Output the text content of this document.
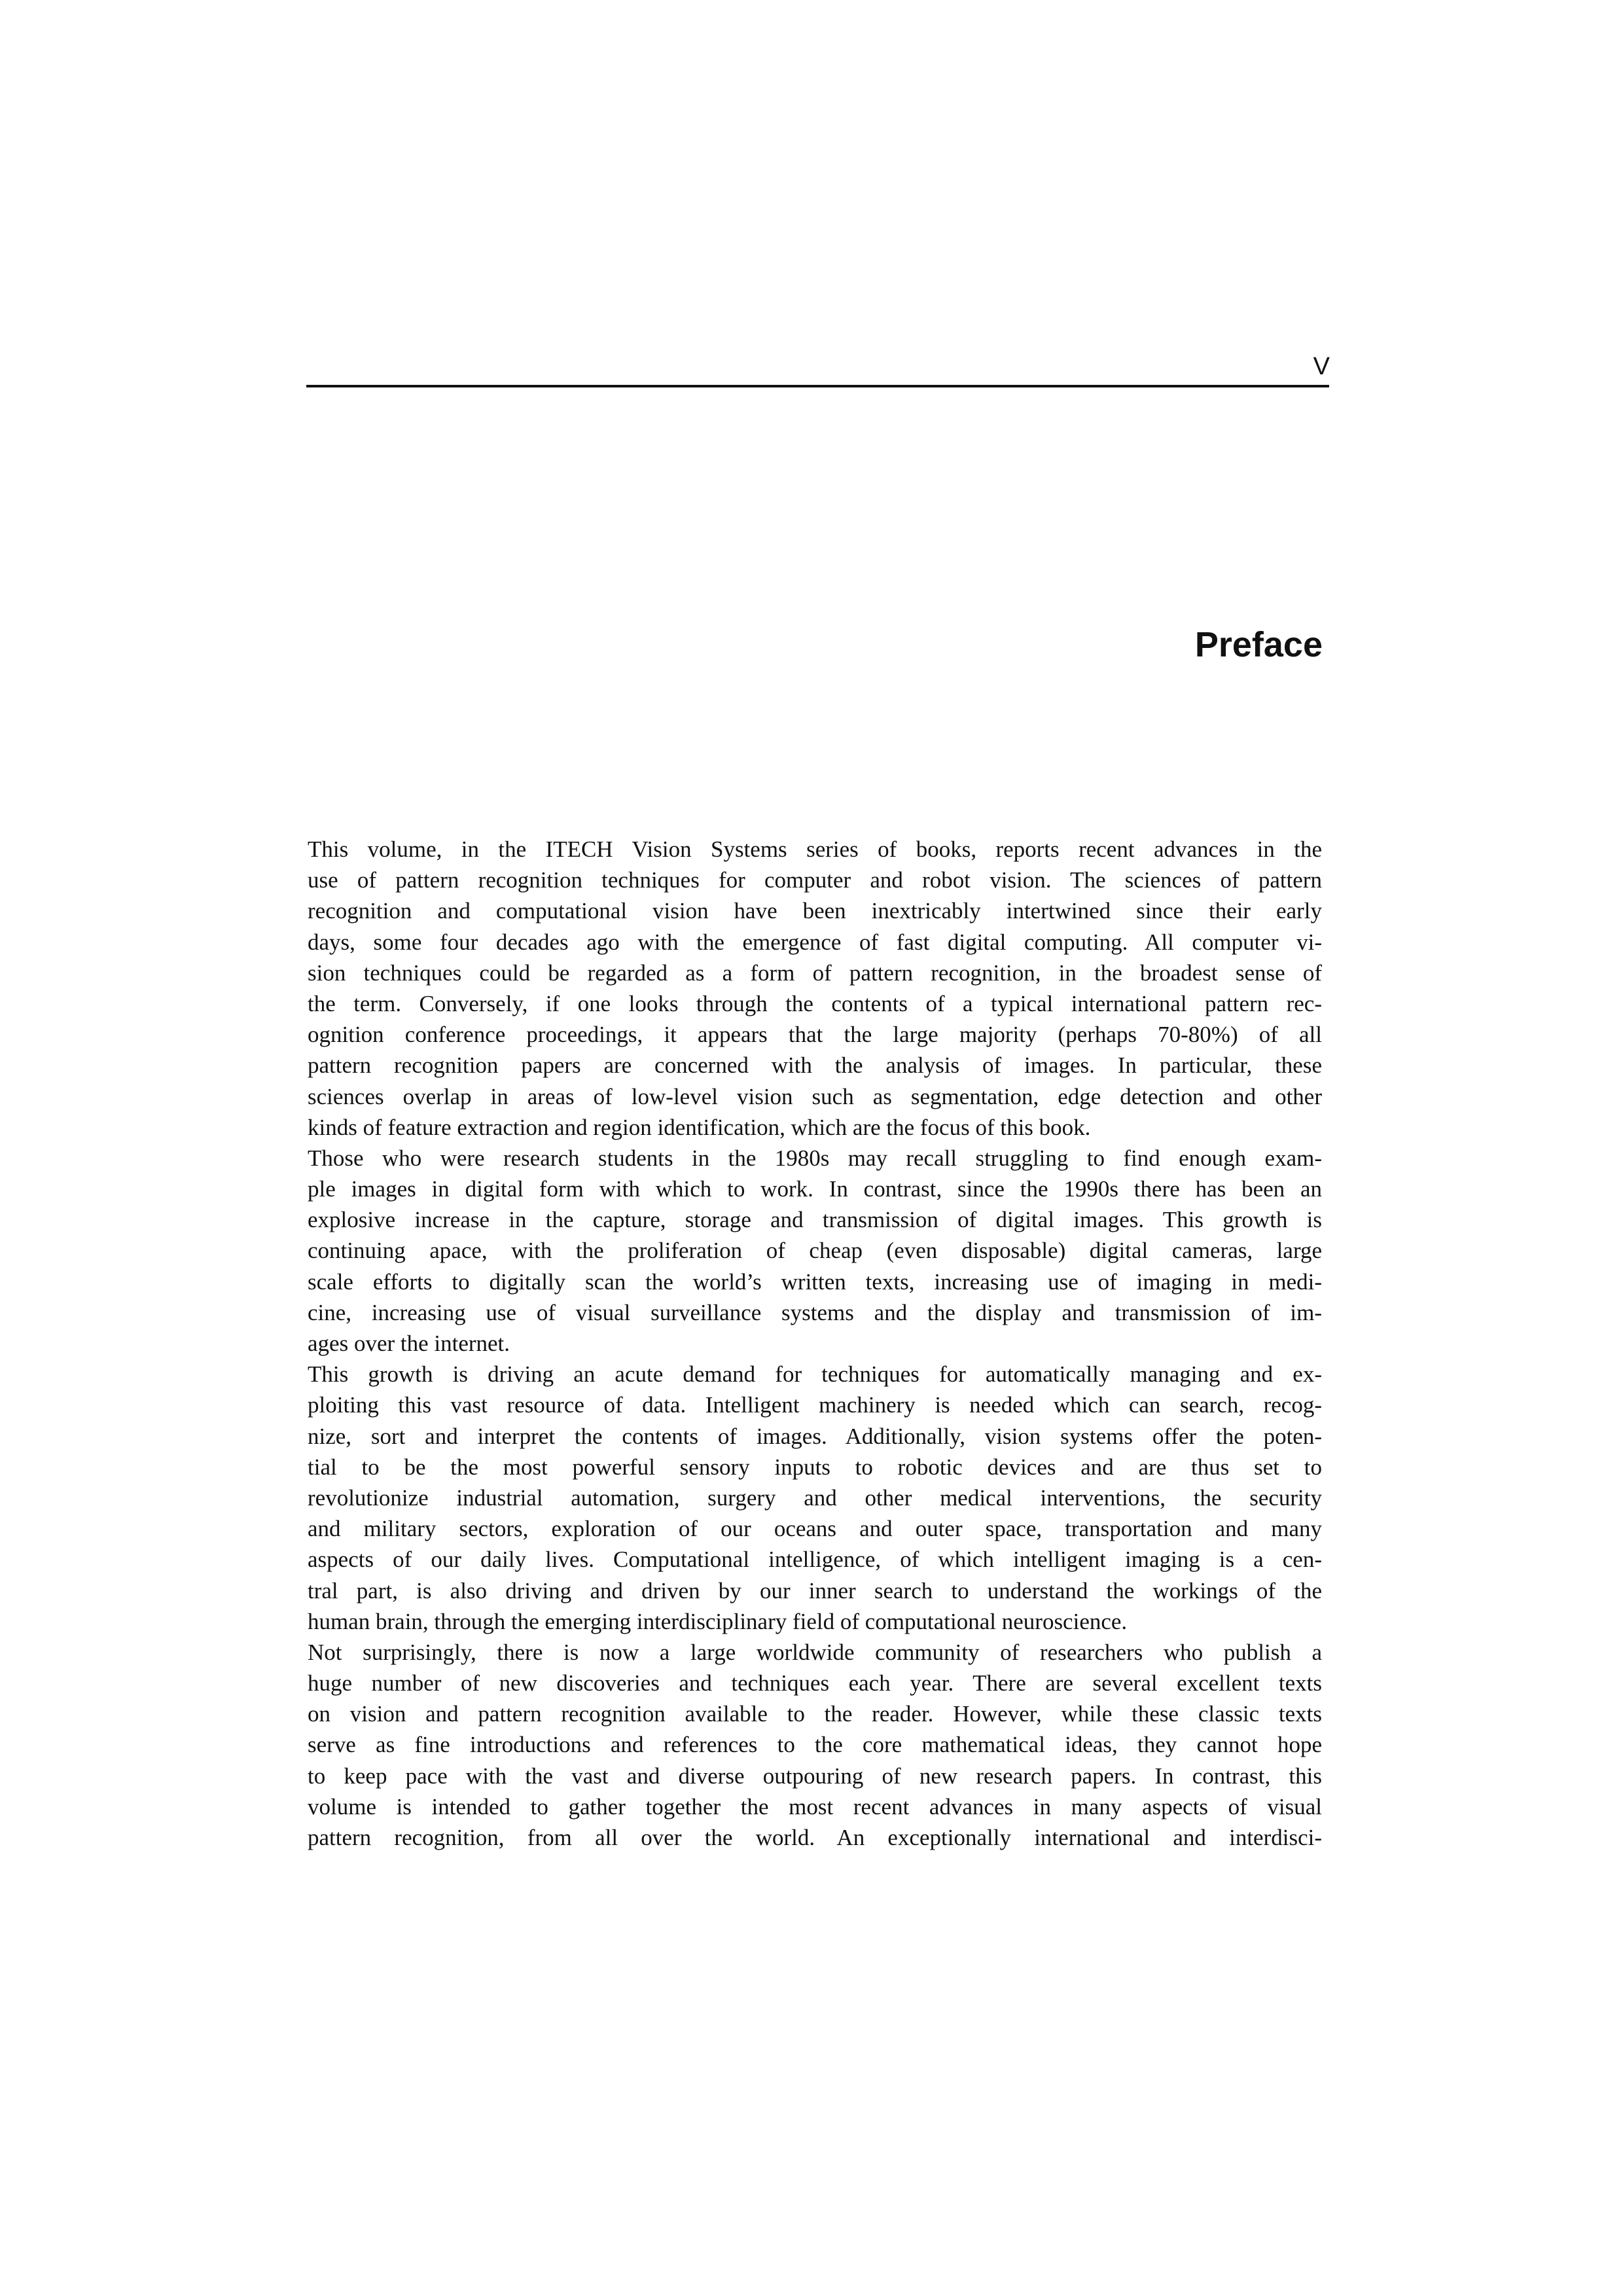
V
Preface
This volume, in the ITECH Vision Systems series of books, reports recent advances in the
use of pattern recognition techniques for computer and robot vision. The sciences of pattern
recognition and computational vision have been inextricably intertwined since their early
days, some four decades ago with the emergence of fast digital computing. All computer vi-
sion techniques could be regarded as a form of pattern recognition, in the broadest sense of
the term. Conversely, if one looks through the contents of a typical international pattern rec-
ognition conference proceedings, it appears that the large majority (perhaps 70-80%) of all
pattern recognition papers are concerned with the analysis of images. In particular, these
sciences overlap in areas of low-level vision such as segmentation, edge detection and other
kinds of feature extraction and region identification, which are the focus of this book.
Those who were research students in the 1980s may recall struggling to find enough exam-
ple images in digital form with which to work. In contrast, since the 1990s there has been an
explosive increase in the capture, storage and transmission of digital images. This growth is
continuing apace, with the proliferation of cheap (even disposable) digital cameras, large
scale efforts to digitally scan the world’s written texts, increasing use of imaging in medi-
cine, increasing use of visual surveillance systems and the display and transmission of im-
ages over the internet.
This growth is driving an acute demand for techniques for automatically managing and ex-
ploiting this vast resource of data. Intelligent machinery is needed which can search, recog-
nize, sort and interpret the contents of images. Additionally, vision systems offer the poten-
tial to be the most powerful sensory inputs to robotic devices and are thus set to
revolutionize industrial automation, surgery and other medical interventions, the security
and military sectors, exploration of our oceans and outer space, transportation and many
aspects of our daily lives. Computational intelligence, of which intelligent imaging is a cen-
tral part, is also driving and driven by our inner search to understand the workings of the
human brain, through the emerging interdisciplinary field of computational neuroscience.
Not surprisingly, there is now a large worldwide community of researchers who publish a
huge number of new discoveries and techniques each year. There are several excellent texts
on vision and pattern recognition available to the reader. However, while these classic texts
serve as fine introductions and references to the core mathematical ideas, they cannot hope
to keep pace with the vast and diverse outpouring of new research papers. In contrast, this
volume is intended to gather together the most recent advances in many aspects of visual
pattern recognition, from all over the world. An exceptionally international and interdisci-
